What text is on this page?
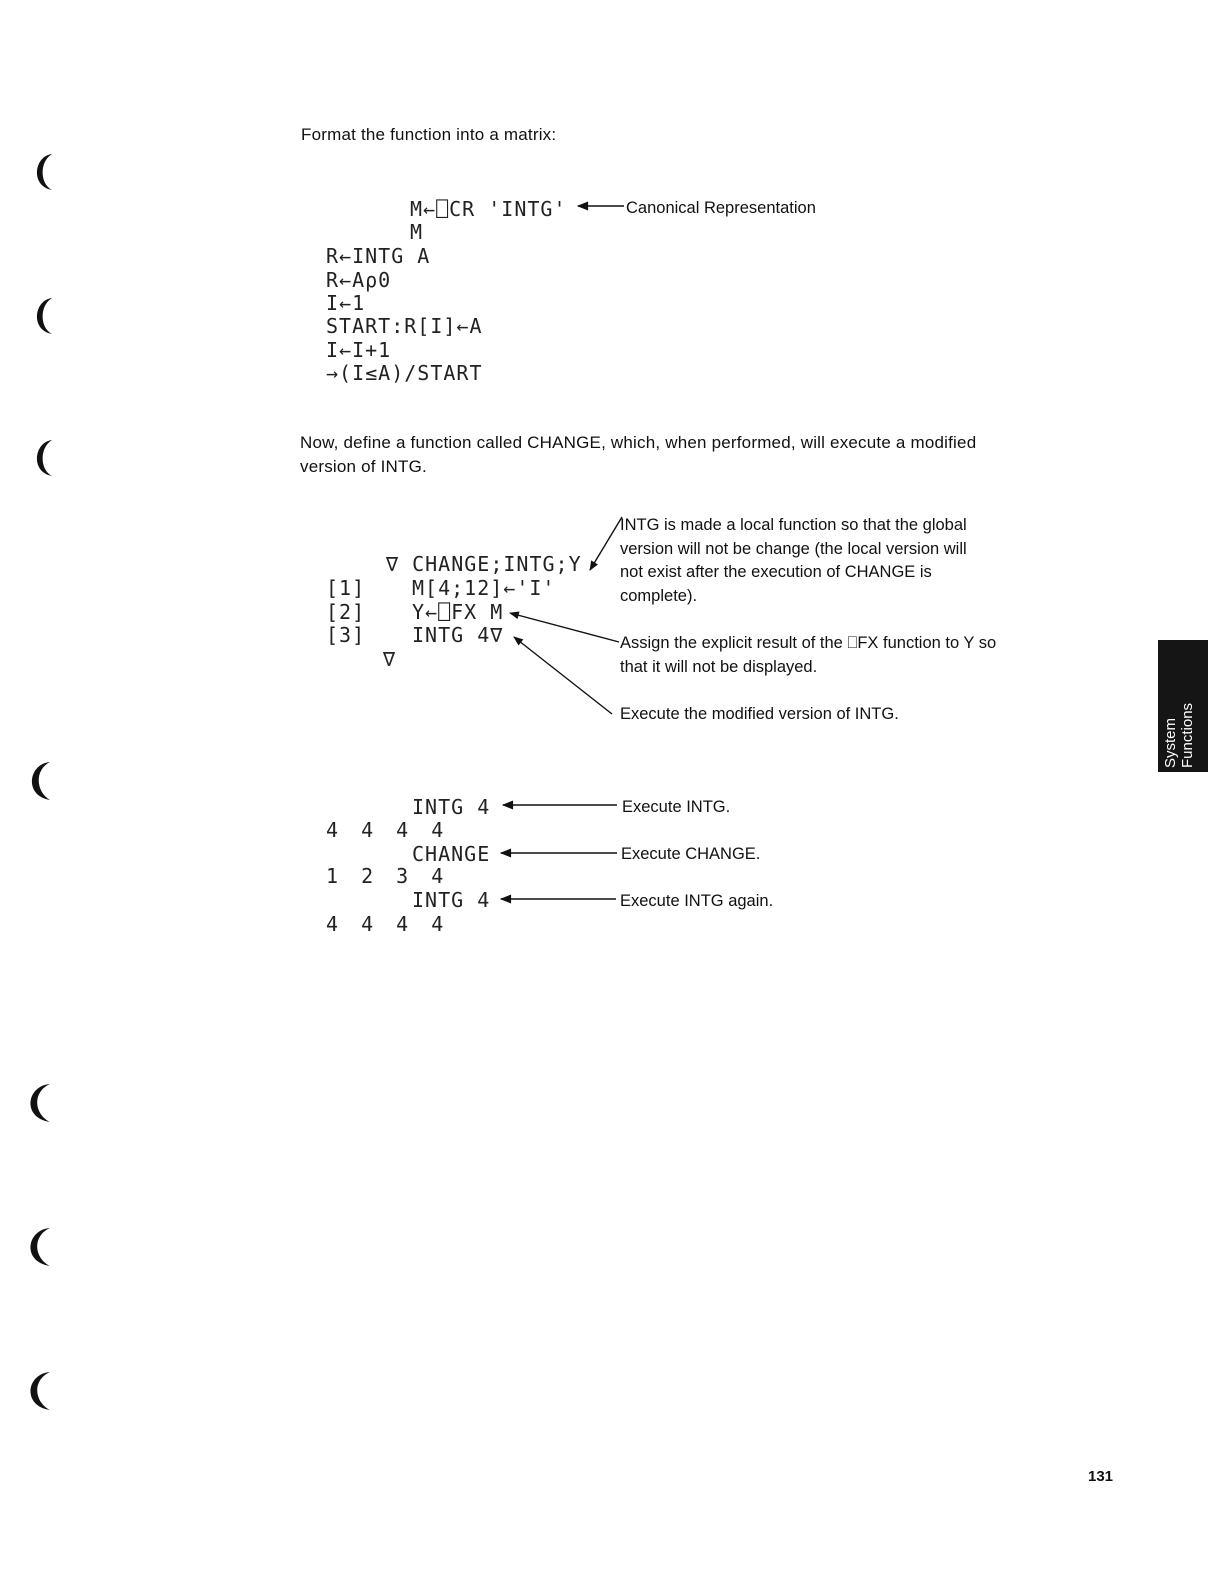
Format the function into a matrix:
M←⎕CR 'INTG'	Canonical Representation
M
R←INTG A
R←Aρ0
I←1
START:R[I]←A
I←I+1
→(I≤A)/START
Now, define a function called CHANGE, which, when performed, will execute a modified version of INTG.
∇ CHANGE;INTG;Y
[1] M[4;12]←'I'
[2] Y←⎕FX M
[3] INTG 4∇
∇
INTG is made a local function so that the global version will not be change (the local version will not exist after the execution of CHANGE is complete).
Assign the explicit result of the ⎕FX function to Y so that it will not be displayed.
Execute the modified version of INTG.
INTG 4	Execute INTG.
4 4 4 4
CHANGE	Execute CHANGE.
1 2 3 4
INTG 4	Execute INTG again.
4 4 4 4
System Functions
131
